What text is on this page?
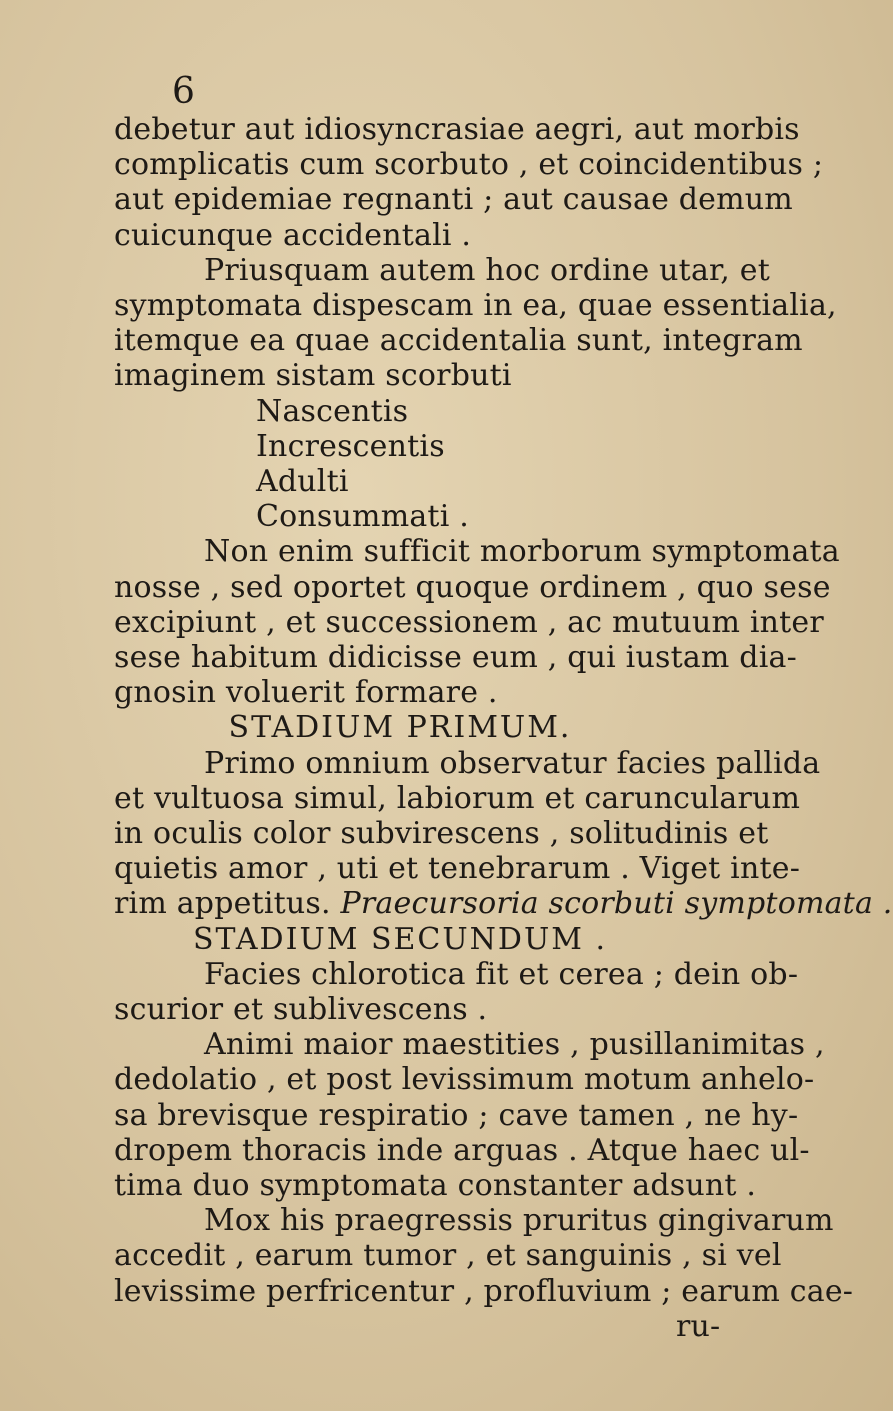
6
debetur aut idiosyncrasiae aegri, aut morbis
complicatis cum scorbuto , et coincidentibus ;
aut epidemiae regnanti ; aut causae demum
cuicunque accidentali .
Priusquam autem hoc ordine utar, et
symptomata dispescam in ea, quae essentialia,
itemque ea quae accidentalia sunt, integram
imaginem sistam scorbuti
Nascentis
Increscentis
Adulti
Consummati .
Non enim sufficit morborum symptomata
nosse , sed oportet quoque ordinem , quo sese
excipiunt , et successionem , ac mutuum inter
sese habitum didicisse eum , qui iustam dia-
gnosin voluerit formare .
STADIUM PRIMUM.
Primo omnium observatur facies pallida
et vultuosa simul, labiorum et caruncularum
in oculis color subvirescens , solitudinis et
quietis amor , uti et tenebrarum . Viget inte-
rim appetitus. Praecursoria scorbuti symptomata .
STADIUM SECUNDUM .
Facies chlorotica fit et cerea ; dein ob-
scurior et sublivescens .
Animi maior maestities , pusillanimitas ,
dedolatio , et post levissimum motum anhelo-
sa brevisque respiratio ; cave tamen , ne hy-
dropem thoracis inde arguas . Atque haec ul-
tima duo symptomata constanter adsunt .
Mox his praegressis pruritus gingivarum
accedit , earum tumor , et sanguinis , si vel
levissime perfricentur , profluvium ; earum cae-
ru-
